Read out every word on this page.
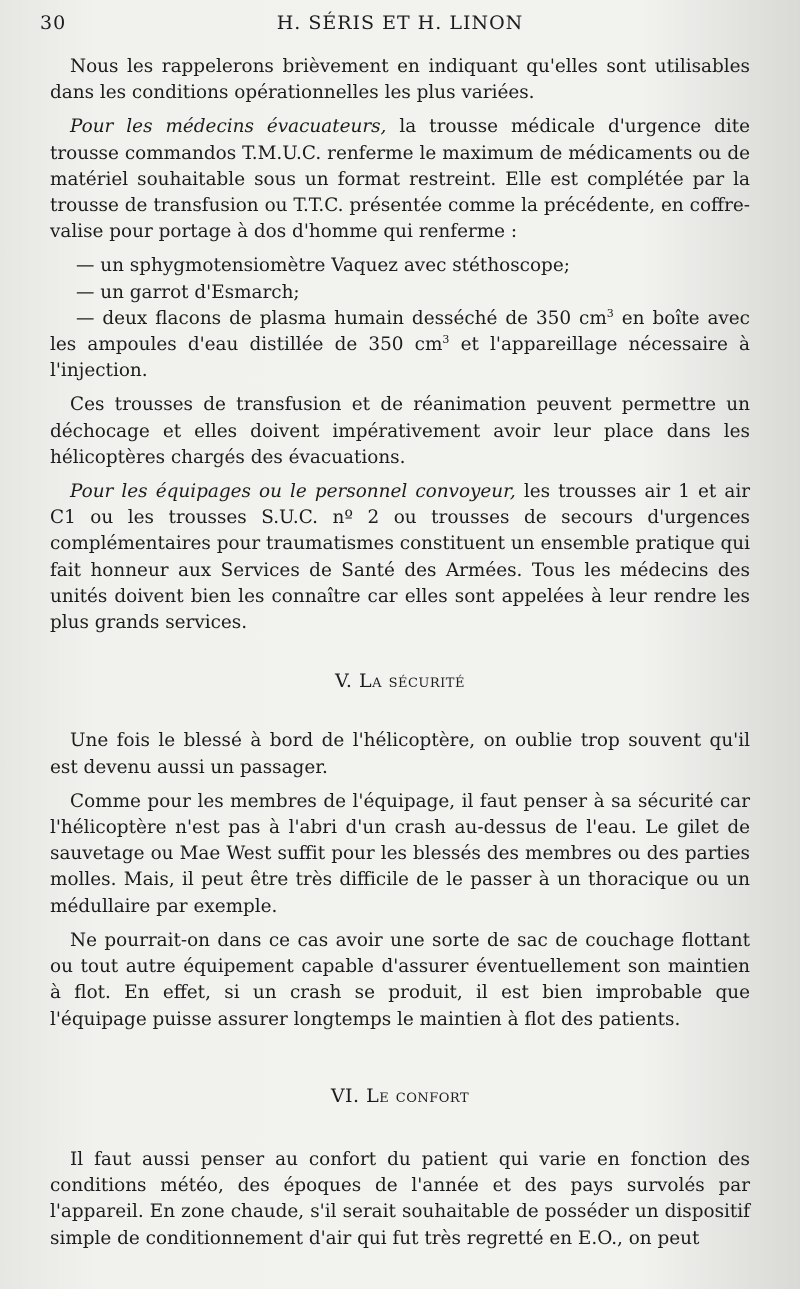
30	H. SÉRIS ET H. LINON

Nous les rappelerons brièvement en indiquant qu'elles sont utilisables dans les conditions opérationnelles les plus variées.

Pour les médecins évacuateurs, la trousse médicale d'urgence dite trousse commandos T.M.U.C. renferme le maximum de médicaments ou de matériel souhaitable sous un format restreint. Elle est complétée par la trousse de transfusion ou T.T.C. présentée comme la précédente, en coffre-valise pour portage à dos d'homme qui renferme :

— un sphygmotensiomètre Vaquez avec stéthoscope;

— un garrot d'Esmarch;

— deux flacons de plasma humain desséché de 350 $cm^3$ en boîte avec les ampoules d'eau distillée de 350 $cm^3$ et l'appareillage nécessaire à l'injection.

Ces trousses de transfusion et de réanimation peuvent permettre un déchocage et elles doivent impérativement avoir leur place dans les hélicoptères chargés des évacuations.

Pour les équipages ou le personnel convoyeur, les trousses air 1 et air C1 ou les trousses S.U.C. nº 2 ou trousses de secours d'urgences complémentaires pour traumatismes constituent un ensemble pratique qui fait honneur aux Services de Santé des Armées. Tous les médecins des unités doivent bien les connaître car elles sont appelées à leur rendre les plus grands services.

V. La sécurité

Une fois le blessé à bord de l'hélicoptère, on oublie trop souvent qu'il est devenu aussi un passager.

Comme pour les membres de l'équipage, il faut penser à sa sécurité car l'hélicoptère n'est pas à l'abri d'un crash au-dessus de l'eau. Le gilet de sauvetage ou Mae West suffit pour les blessés des membres ou des parties molles. Mais, il peut être très difficile de le passer à un thoracique ou un médullaire par exemple.

Ne pourrait-on dans ce cas avoir une sorte de sac de couchage flottant ou tout autre équipement capable d'assurer éventuellement son maintien à flot. En effet, si un crash se produit, il est bien improbable que l'équipage puisse assurer longtemps le maintien à flot des patients.

VI. Le confort

Il faut aussi penser au confort du patient qui varie en fonction des conditions météo, des époques de l'année et des pays survolés par l'appareil. En zone chaude, s'il serait souhaitable de posséder un dispositif simple de conditionnement d'air qui fut très regretté en E.O., on peut
